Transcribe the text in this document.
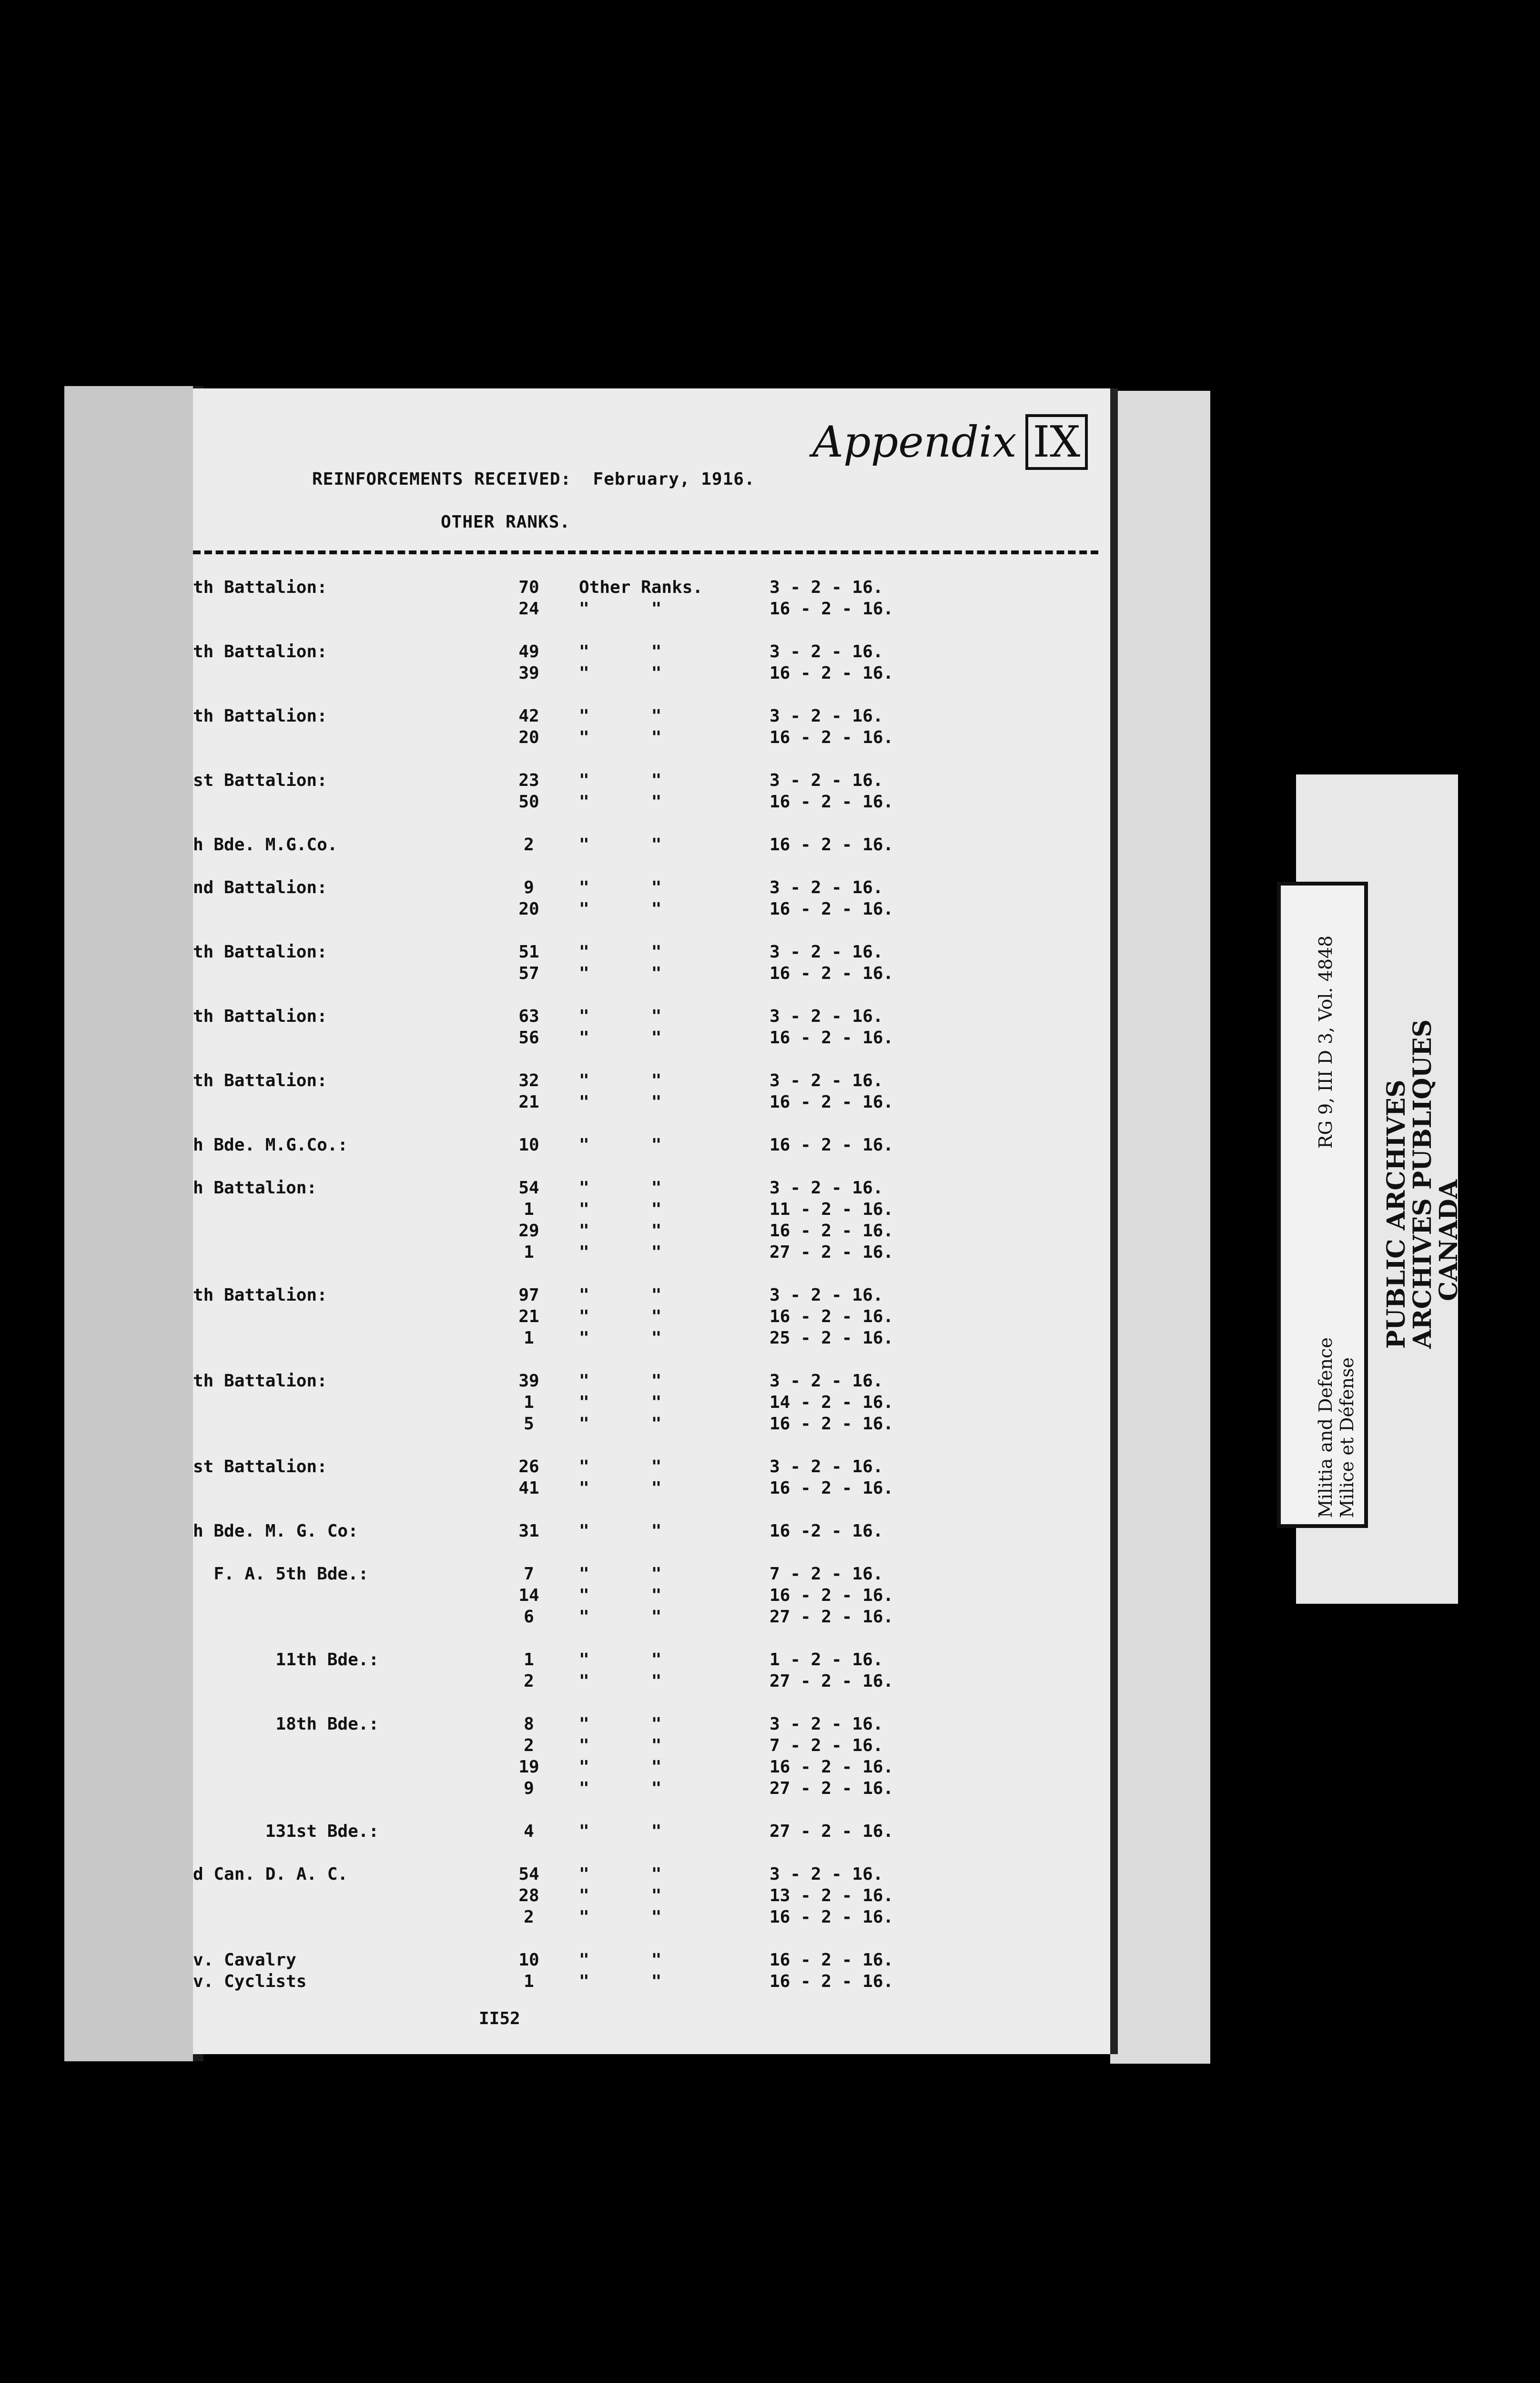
Appendix IX
REINFORCEMENTS RECEIVED:  February, 1916.
OTHER RANKS.
th Battalion:	70	Other Ranks.	3 - 2 - 16.
24	"      "	16 - 2 - 16.
th Battalion:	49	"      "	3 - 2 - 16.
39	"      "	16 - 2 - 16.
th Battalion:	42	"      "	3 - 2 - 16.
20	"      "	16 - 2 - 16.
st Battalion:	23	"      "	3 - 2 - 16.
50	"      "	16 - 2 - 16.
h Bde. M.G.Co.	2	"      "	16 - 2 - 16.
nd Battalion:	9	"      "	3 - 2 - 16.
20	"      "	16 - 2 - 16.
th Battalion:	51	"      "	3 - 2 - 16.
57	"      "	16 - 2 - 16.
th Battalion:	63	"      "	3 - 2 - 16.
56	"      "	16 - 2 - 16.
th Battalion:	32	"      "	3 - 2 - 16.
21	"      "	16 - 2 - 16.
h Bde. M.G.Co.:	10	"      "	16 - 2 - 16.
h Battalion:	54	"      "	3 - 2 - 16.
1	"      "	11 - 2 - 16.
29	"      "	16 - 2 - 16.
1	"      "	27 - 2 - 16.
th Battalion:	97	"      "	3 - 2 - 16.
21	"      "	16 - 2 - 16.
1	"      "	25 - 2 - 16.
th Battalion:	39	"      "	3 - 2 - 16.
1	"      "	14 - 2 - 16.
5	"      "	16 - 2 - 16.
st Battalion:	26	"      "	3 - 2 - 16.
41	"      "	16 - 2 - 16.
h Bde. M. G. Co:	31	"      "	16 -2 - 16.
F. A. 5th Bde.:	7	"      "	7 - 2 - 16.
14	"      "	16 - 2 - 16.
6	"      "	27 - 2 - 16.
11th Bde.:	1	"      "	1 - 2 - 16.
2	"      "	27 - 2 - 16.
18th Bde.:	8	"      "	3 - 2 - 16.
2	"      "	7 - 2 - 16.
19	"      "	16 - 2 - 16.
9	"      "	27 - 2 - 16.
131st Bde.:	4	"      "	27 - 2 - 16.
d Can. D. A. C.	54	"      "	3 - 2 - 16.
28	"      "	13 - 2 - 16.
2	"      "	16 - 2 - 16.
v. Cavalry	10	"      "	16 - 2 - 16.
v. Cyclists	1	"      "	16 - 2 - 16.
II52
RG 9, III D 3, Vol. 4848
Militia and Defence Milice et Défense
PUBLIC ARCHIVES
ARCHIVES PUBLIQUES
CANADA
